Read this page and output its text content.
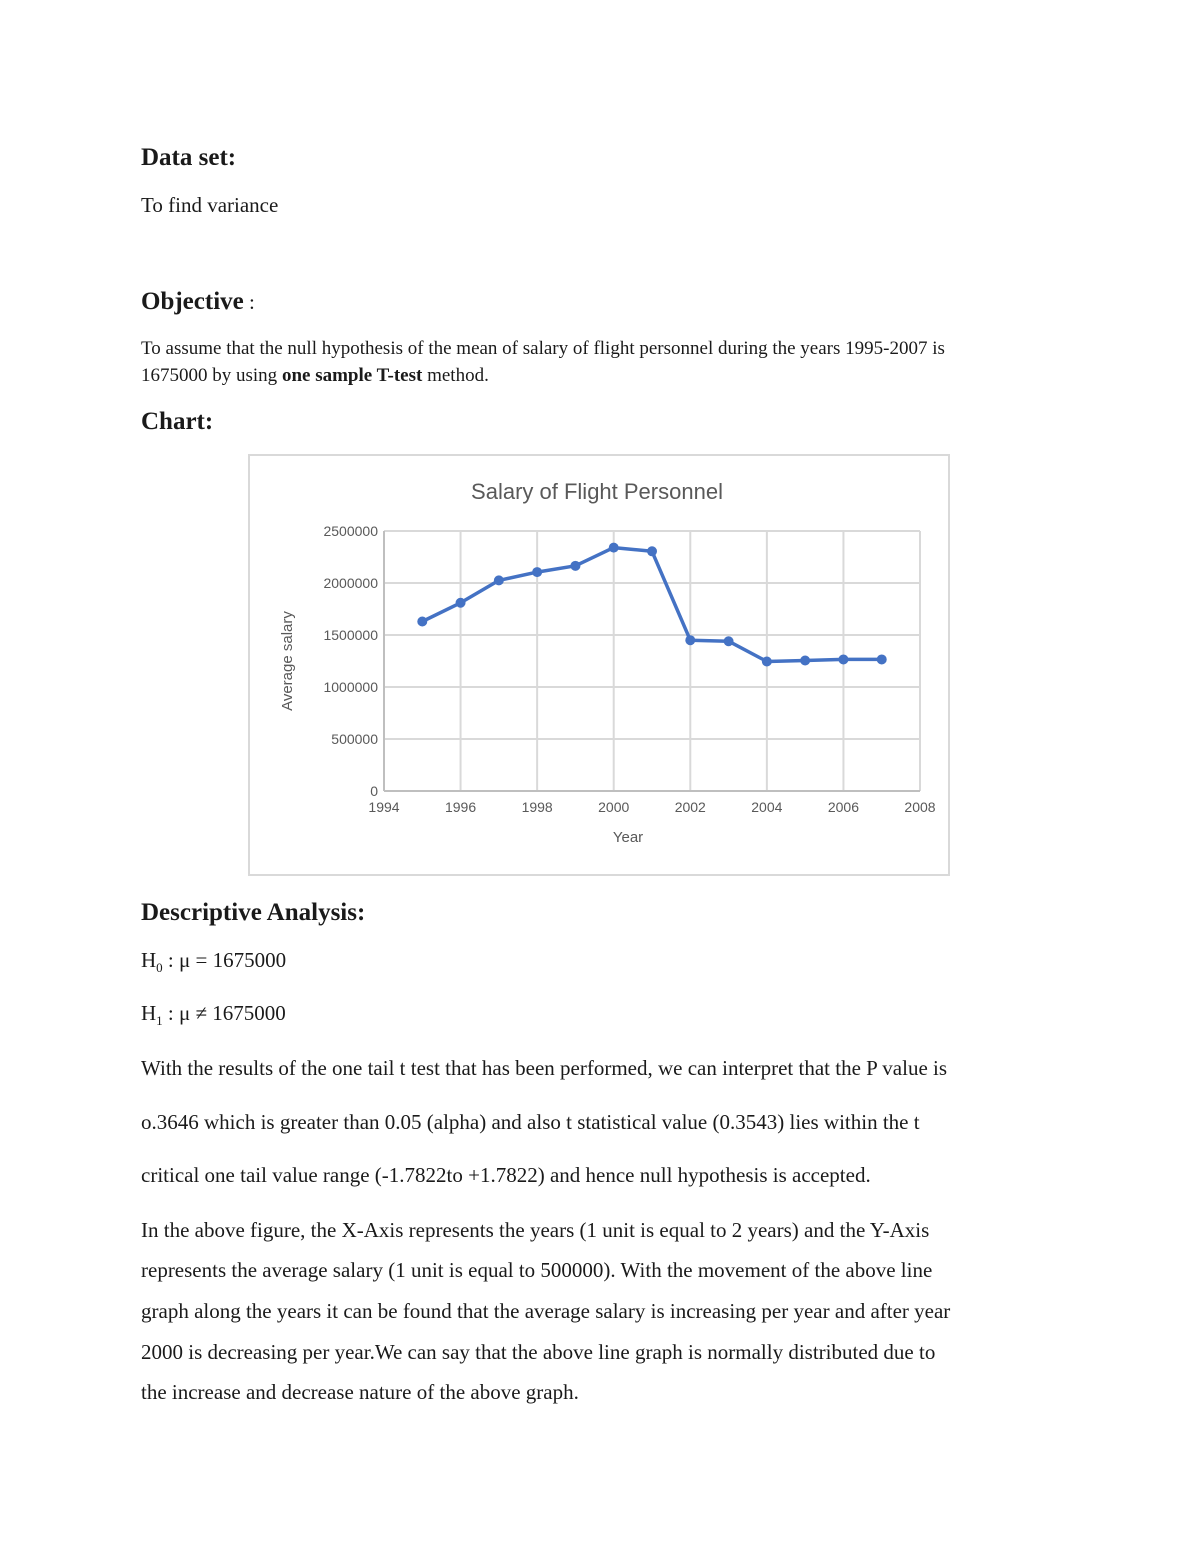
Data set:
To find variance
Objective :
To assume that the null hypothesis of the mean of salary of flight personnel during the years 1995-2007 is
1675000 by using one sample T-test method.
Chart:
0
500000
1000000
1500000
2000000
2500000
1994	1996	1998	2000	2002	2004	2006	2008
Salary of Flight Personnel
Year
Average salary
Descriptive Analysis:
$H_0$ : μ = 1675000
$H_1$ : μ ≠ 1675000
With the results of the one tail t test that has been performed, we can interpret that the P value is
o.3646 which is greater than 0.05 (alpha) and also t statistical value (0.3543) lies within the t
critical one tail value range (-1.7822to +1.7822) and hence null hypothesis is accepted.
In the above figure, the X-Axis represents the years (1 unit is equal to 2 years) and the Y-Axis
represents the average salary (1 unit is equal to 500000). With the movement of the above line
graph along the years it can be found that the average salary is increasing per year and after year
2000 is decreasing per year.We can say that the above line graph is normally distributed due to
the increase and decrease nature of the above graph.
